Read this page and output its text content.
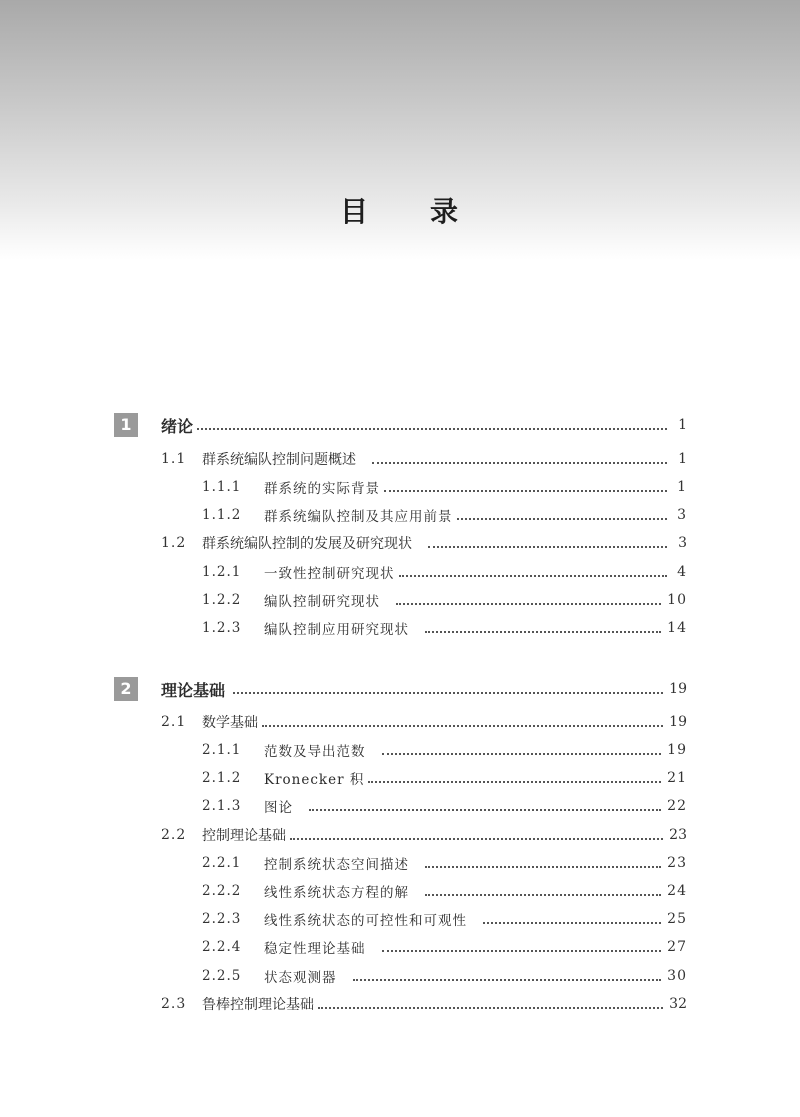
目　　录
1	绪论	1
1.1	群系统编队控制问题概述	1
1.1.1	群系统的实际背景	1
1.1.2	群系统编队控制及其应用前景	3
1.2	群系统编队控制的发展及研究现状	3
1.2.1	一致性控制研究现状	4
1.2.2	编队控制研究现状	10
1.2.3	编队控制应用研究现状	14
2	理论基础	19
2.1	数学基础	19
2.1.1	范数及导出范数	19
2.1.2	Kronecker 积	21
2.1.3	图论	22
2.2	控制理论基础	23
2.2.1	控制系统状态空间描述	23
2.2.2	线性系统状态方程的解	24
2.2.3	线性系统状态的可控性和可观性	25
2.2.4	稳定性理论基础	27
2.2.5	状态观测器	30
2.3	鲁棒控制理论基础	32
